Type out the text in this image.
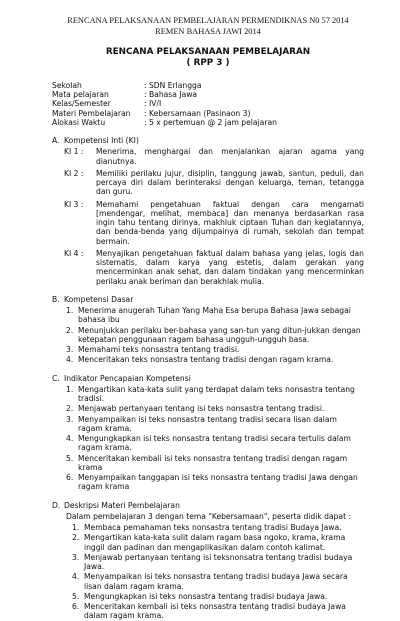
RENCANA PELAKSANAAN PEMBELAJARAN PERMENDIKNAS N0 57 2014
REMEN BAHASA JAWI 2014
RENCANA PELAKSANAAN PEMBELAJARAN
( RPP 3 )
Sekolah	: SDN Erlangga
Mata pelajaran	: Bahasa Jawa
Kelas/Semester	: IV/I
Materi Pembelajaran	: Kebersamaan (Pasinaon 3)
Alokasi Waktu	: 5 x pertemuan @ 2 jam pelajaran
A. Kompetensi Inti (KI)
KI 1 :	Menerima, menghargai dan menjalankan ajaran agama yang dianutnya.
KI 2 :	Memiliki perilaku jujur, disiplin, tanggung jawab, santun, peduli, dan percaya diri dalam berinteraksi dengan keluarga, teman, tetangga dan guru.
KI 3 :	Memahami pengetahuan faktual dengan cara mengamati [mendengar, melihat, membaca] dan menanya berdasarkan rasa ingin tahu tentang dirinya, makhluk ciptaan Tuhan dan kegiatannya, dan benda-benda yang dijumpainya di rumah, sekolah dan tempat bermain.
KI 4 :	Menyajikan pengetahuan faktual dalam bahasa yang jelas, logis dan sistematis, dalam karya yang estetis, dalam gerakan yang mencerminkan anak sehat, dan dalam tindakan yang mencerminkan perilaku anak beriman dan berakhlak mulia.
B. Kompetensi Dasar
1. Menerima anugerah Tuhan Yang Maha Esa berupa Bahasa Jawa sebagai bahasa ibu
2. Menunjukkan perilaku ber-bahasa yang san-tun yang ditun-jukkan dengan ketepatan penggunaan ragam bahasa ungguh-ungguh basa.
3. Memahami teks nonsastra tentang tradisi.
4. Menceritakan teks nonsastra tentang tradisi dengan ragam krama.
C. Indikator Pencapaian Kompetensi
1. Mengartikan kata-kata sulit yang terdapat dalam teks nonsastra tentang tradisi.
2. Menjawab pertanyaan tentang isi teks nonsastra tentang tradisi.
3. Menyampaikan isi teks nonsastra tentang tradisi secara lisan dalam ragam krama.
4. Mengungkapkan isi teks nonsastra tentang tradisi secara tertulis dalam ragam krama.
5. Menceritakan kembali isi teks nonsastra tentang tradisi dengan ragam krama
6. Menyampaikan tanggapan isi teks nonsastra tentang tradisi Jawa dengan ragam krama
D. Deskripsi Materi Pembelajaran
Dalam pembelajaran 3 dengan tema "Kebersamaan", peserta didik dapat :
1. Membaca pemahaman teks nonsastra tentang tradisi Budaya Jawa.
2. Mengartikan kata-kata sulit dalam ragam basa ngoko, krama, krama inggil dan padinan dan mengaplikasikan dalam contoh kalimat.
3. Menjawab pertanyaan tentang isi teksnonsatra tentang tradisi budaya Jawa.
4. Menyampaikan isi teks nonsastra tentang tradisi budaya Jawa secara lisan dalam ragam krama.
5. Mengungkapkan isi teks nonsastra tentang tradisi budaya Jawa.
6. Menceritakan kembali isi teks nonsastra tentang tradisi budaya Jawa dalam ragam krama.
